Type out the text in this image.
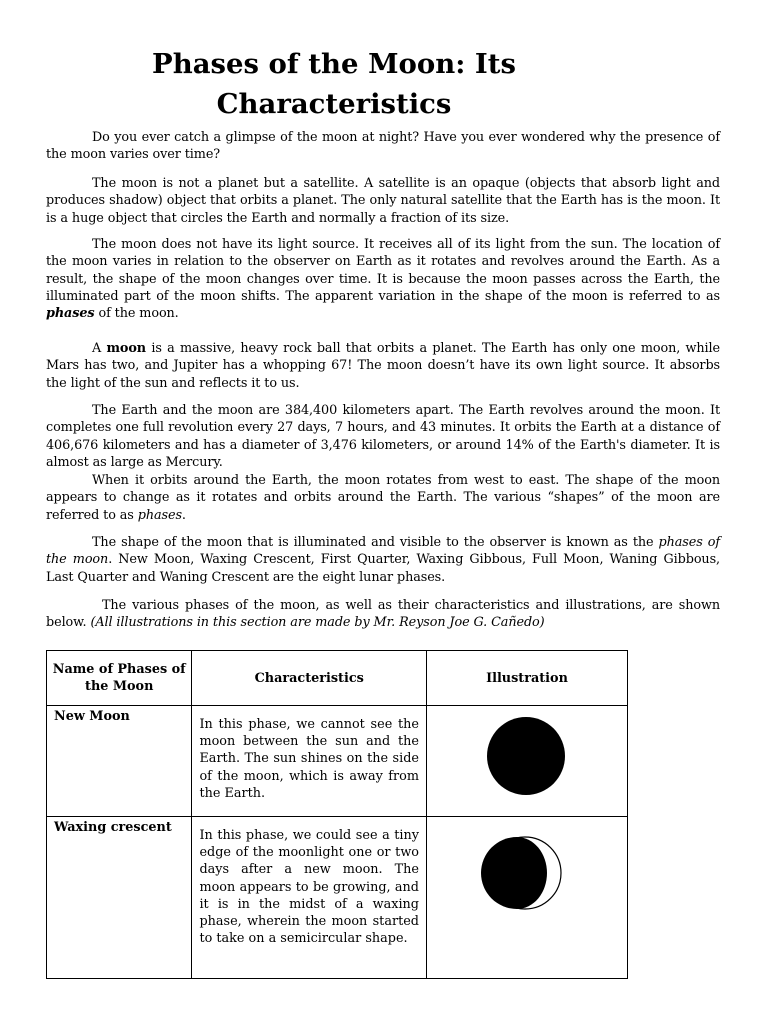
Phases of the Moon: Its
Characteristics
Do you ever catch a glimpse of the moon at night? Have you ever wondered why the presence of the moon varies over time?
The moon is not a planet but a satellite. A satellite is an opaque (objects that absorb light and produces shadow) object that orbits a planet. The only natural satellite that the Earth has is the moon. It is a huge object that circles the Earth and normally a fraction of its size.
The moon does not have its light source. It receives all of its light from the sun. The location of the moon varies in relation to the observer on Earth as it rotates and revolves around the Earth. As a result, the shape of the moon changes over time. It is because the moon passes across the Earth, the illuminated part of the moon shifts. The apparent variation in the shape of the moon is referred to as phases of the moon.
A moon is a massive, heavy rock ball that orbits a planet. The Earth has only one moon, while Mars has two, and Jupiter has a whopping 67! The moon doesn’t have its own light source. It absorbs the light of the sun and reflects it to us.
The Earth and the moon are 384,400 kilometers apart. The Earth revolves around the moon. It completes one full revolution every 27 days, 7 hours, and 43 minutes. It orbits the Earth at a distance of 406,676 kilometers and has a diameter of 3,476 kilometers, or around 14% of the Earth's diameter. It is almost as large as Mercury.
When it orbits around the Earth, the moon rotates from west to east. The shape of the moon appears to change as it rotates and orbits around the Earth. The various “shapes” of the moon are referred to as phases.
The shape of the moon that is illuminated and visible to the observer is known as the phases of the moon. New Moon, Waxing Crescent, First Quarter, Waxing Gibbous, Full Moon, Waning Gibbous, Last Quarter and Waning Crescent are the eight lunar phases.
The various phases of the moon, as well as their characteristics and illustrations, are shown below. (All illustrations in this section are made by Mr. Reyson Joe G. Cañedo)
Name of Phases of the Moon	Characteristics	Illustration

New Moon	In this phase, we cannot see the moon between the sun and the Earth. The sun shines on the side of the moon, which is away from the Earth.

Waxing crescent	In this phase, we could see a tiny edge of the moonlight one or two days after a new moon. The moon appears to be growing, and it is in the midst of a waxing phase, wherein the moon started to take on a semicircular shape.
